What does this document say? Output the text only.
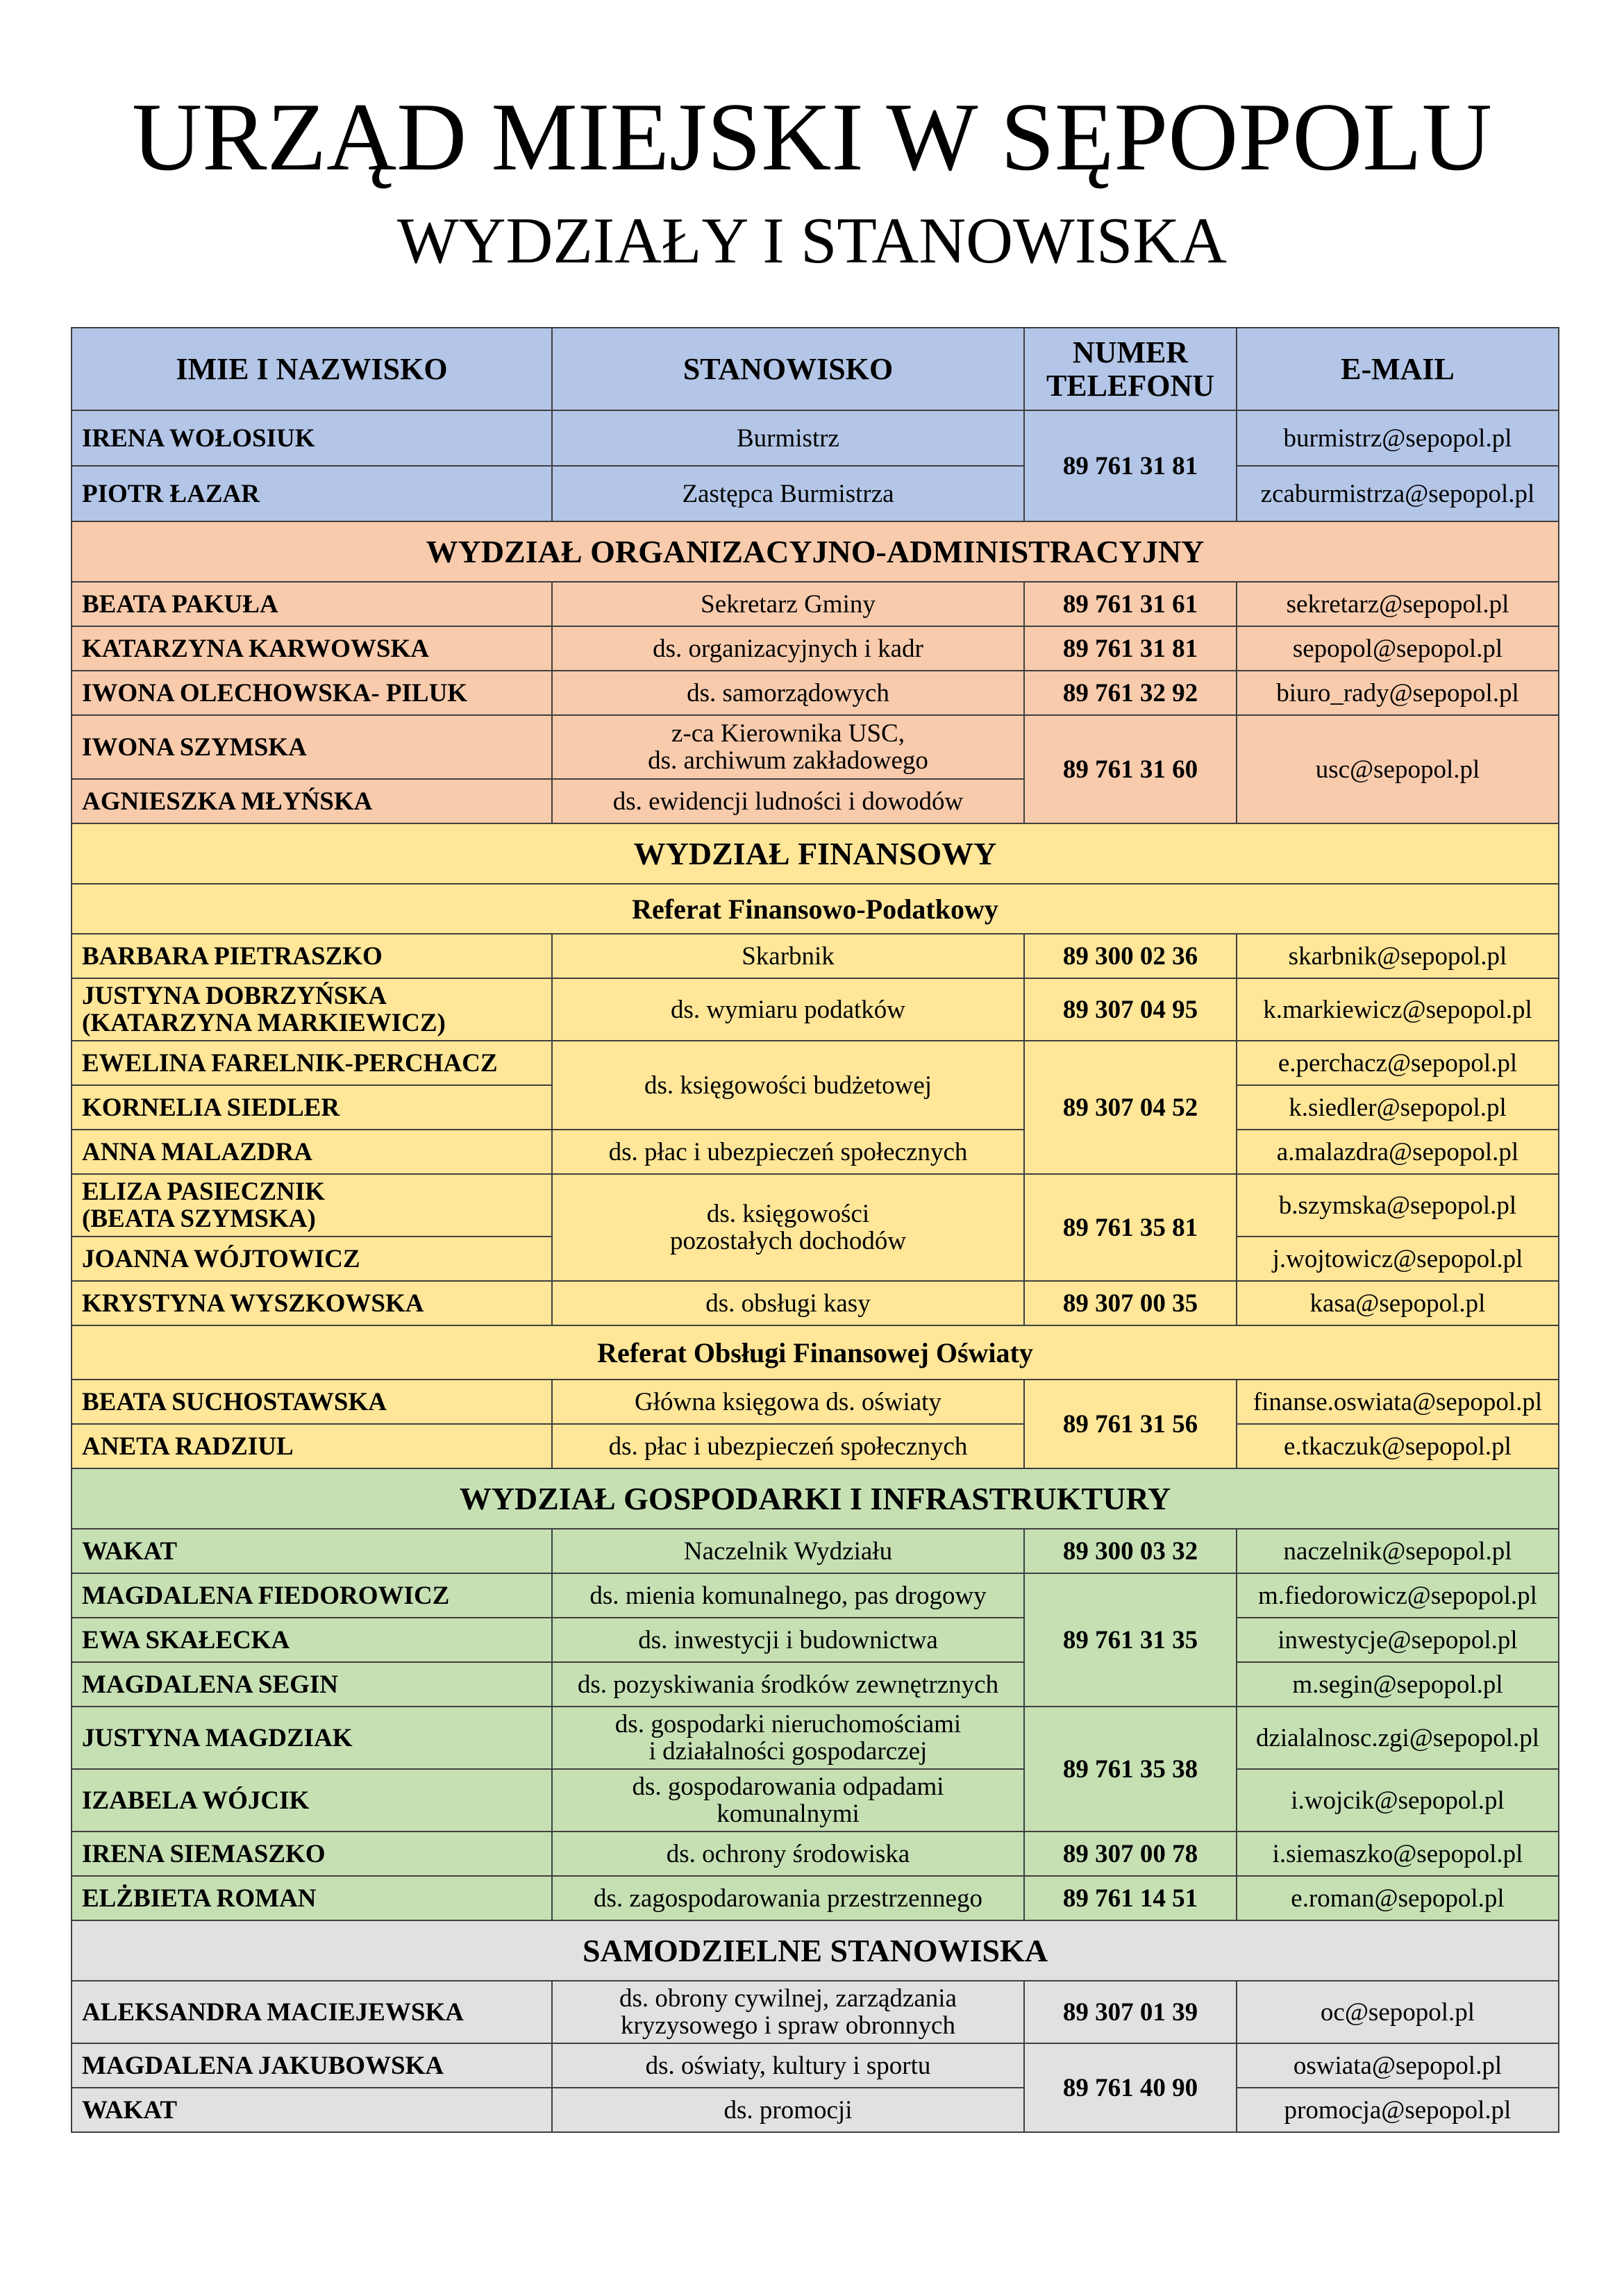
URZĄD MIEJSKI W SĘPOPOLU
WYDZIAŁY I STANOWISKA
IMIE I NAZWISKO	STANOWISKO	NUMER
TELEFONU	E-MAIL
IRENA WOŁOSIUK	Burmistrz	89 761 31 81	burmistrz@sepopol.pl
PIOTR ŁAZAR	Zastępca Burmistrza		zcaburmistrza@sepopol.pl
WYDZIAŁ ORGANIZACYJNO-ADMINISTRACYJNY			
BEATA PAKUŁA	Sekretarz Gminy	89 761 31 61	sekretarz@sepopol.pl
KATARZYNA KARWOWSKA	ds. organizacyjnych i kadr	89 761 31 81	sepopol@sepopol.pl
IWONA OLECHOWSKA- PILUK	ds. samorządowych	89 761 32 92	biuro_rady@sepopol.pl
IWONA SZYMSKA	z-ca Kierownika USC,
ds. archiwum zakładowego	89 761 31 60	usc@sepopol.pl
AGNIESZKA MŁYŃSKA	ds. ewidencji ludności i dowodów		
WYDZIAŁ FINANSOWY			
Referat Finansowo-Podatkowy			
BARBARA PIETRASZKO	Skarbnik	89 300 02 36	skarbnik@sepopol.pl

JUSTYNA DOBRZYŃSKA
(KATARZYNA MARKIEWICZ)	ds. wymiaru podatków	89 307 04 95	k.markiewicz@sepopol.pl
EWELINA FARELNIK-PERCHACZ	ds. księgowości budżetowej	89 307 04 52	e.perchacz@sepopol.pl
KORNELIA SIEDLER			k.siedler@sepopol.pl
ANNA MALAZDRA	ds. płac i ubezpieczeń społecznych		a.malazdra@sepopol.pl

ELIZA PASIECZNIK
(BEATA SZYMSKA)	ds. księgowości
pozostałych dochodów	89 761 35 81	b.szymska@sepopol.pl
JOANNA WÓJTOWICZ			j.wojtowicz@sepopol.pl
KRYSTYNA WYSZKOWSKA	ds. obsługi kasy	89 307 00 35	kasa@sepopol.pl
Referat Obsługi Finansowej Oświaty			
BEATA SUCHOSTAWSKA	Główna księgowa ds. oświaty	89 761 31 56	finanse.oswiata@sepopol.pl
ANETA RADZIUL	ds. płac i ubezpieczeń społecznych		e.tkaczuk@sepopol.pl
WYDZIAŁ GOSPODARKI I INFRASTRUKTURY			
WAKAT	Naczelnik Wydziału	89 300 03 32	naczelnik@sepopol.pl
MAGDALENA FIEDOROWICZ	ds. mienia komunalnego, pas drogowy	89 761 31 35	m.fiedorowicz@sepopol.pl
EWA SKAŁECKA	ds. inwestycji i budownictwa		inwestycje@sepopol.pl
MAGDALENA SEGIN	ds. pozyskiwania środków zewnętrznych		m.segin@sepopol.pl
JUSTYNA MAGDZIAK	ds. gospodarki nieruchomościami
i działalności gospodarczej	89 761 35 38	dzialalnosc.zgi@sepopol.pl
IZABELA WÓJCIK	ds. gospodarowania odpadami
komunalnymi		i.wojcik@sepopol.pl
IRENA SIEMASZKO	ds. ochrony środowiska	89 307 00 78	i.siemaszko@sepopol.pl
ELŻBIETA ROMAN	ds. zagospodarowania przestrzennego	89 761 14 51	e.roman@sepopol.pl
SAMODZIELNE STANOWISKA			
ALEKSANDRA MACIEJEWSKA	ds. obrony cywilnej, zarządzania
kryzysowego i spraw obronnych	89 307 01 39	oc@sepopol.pl
MAGDALENA JAKUBOWSKA	ds. oświaty, kultury i sportu	89 761 40 90	oswiata@sepopol.pl
WAKAT	ds. promocji		promocja@sepopol.pl
